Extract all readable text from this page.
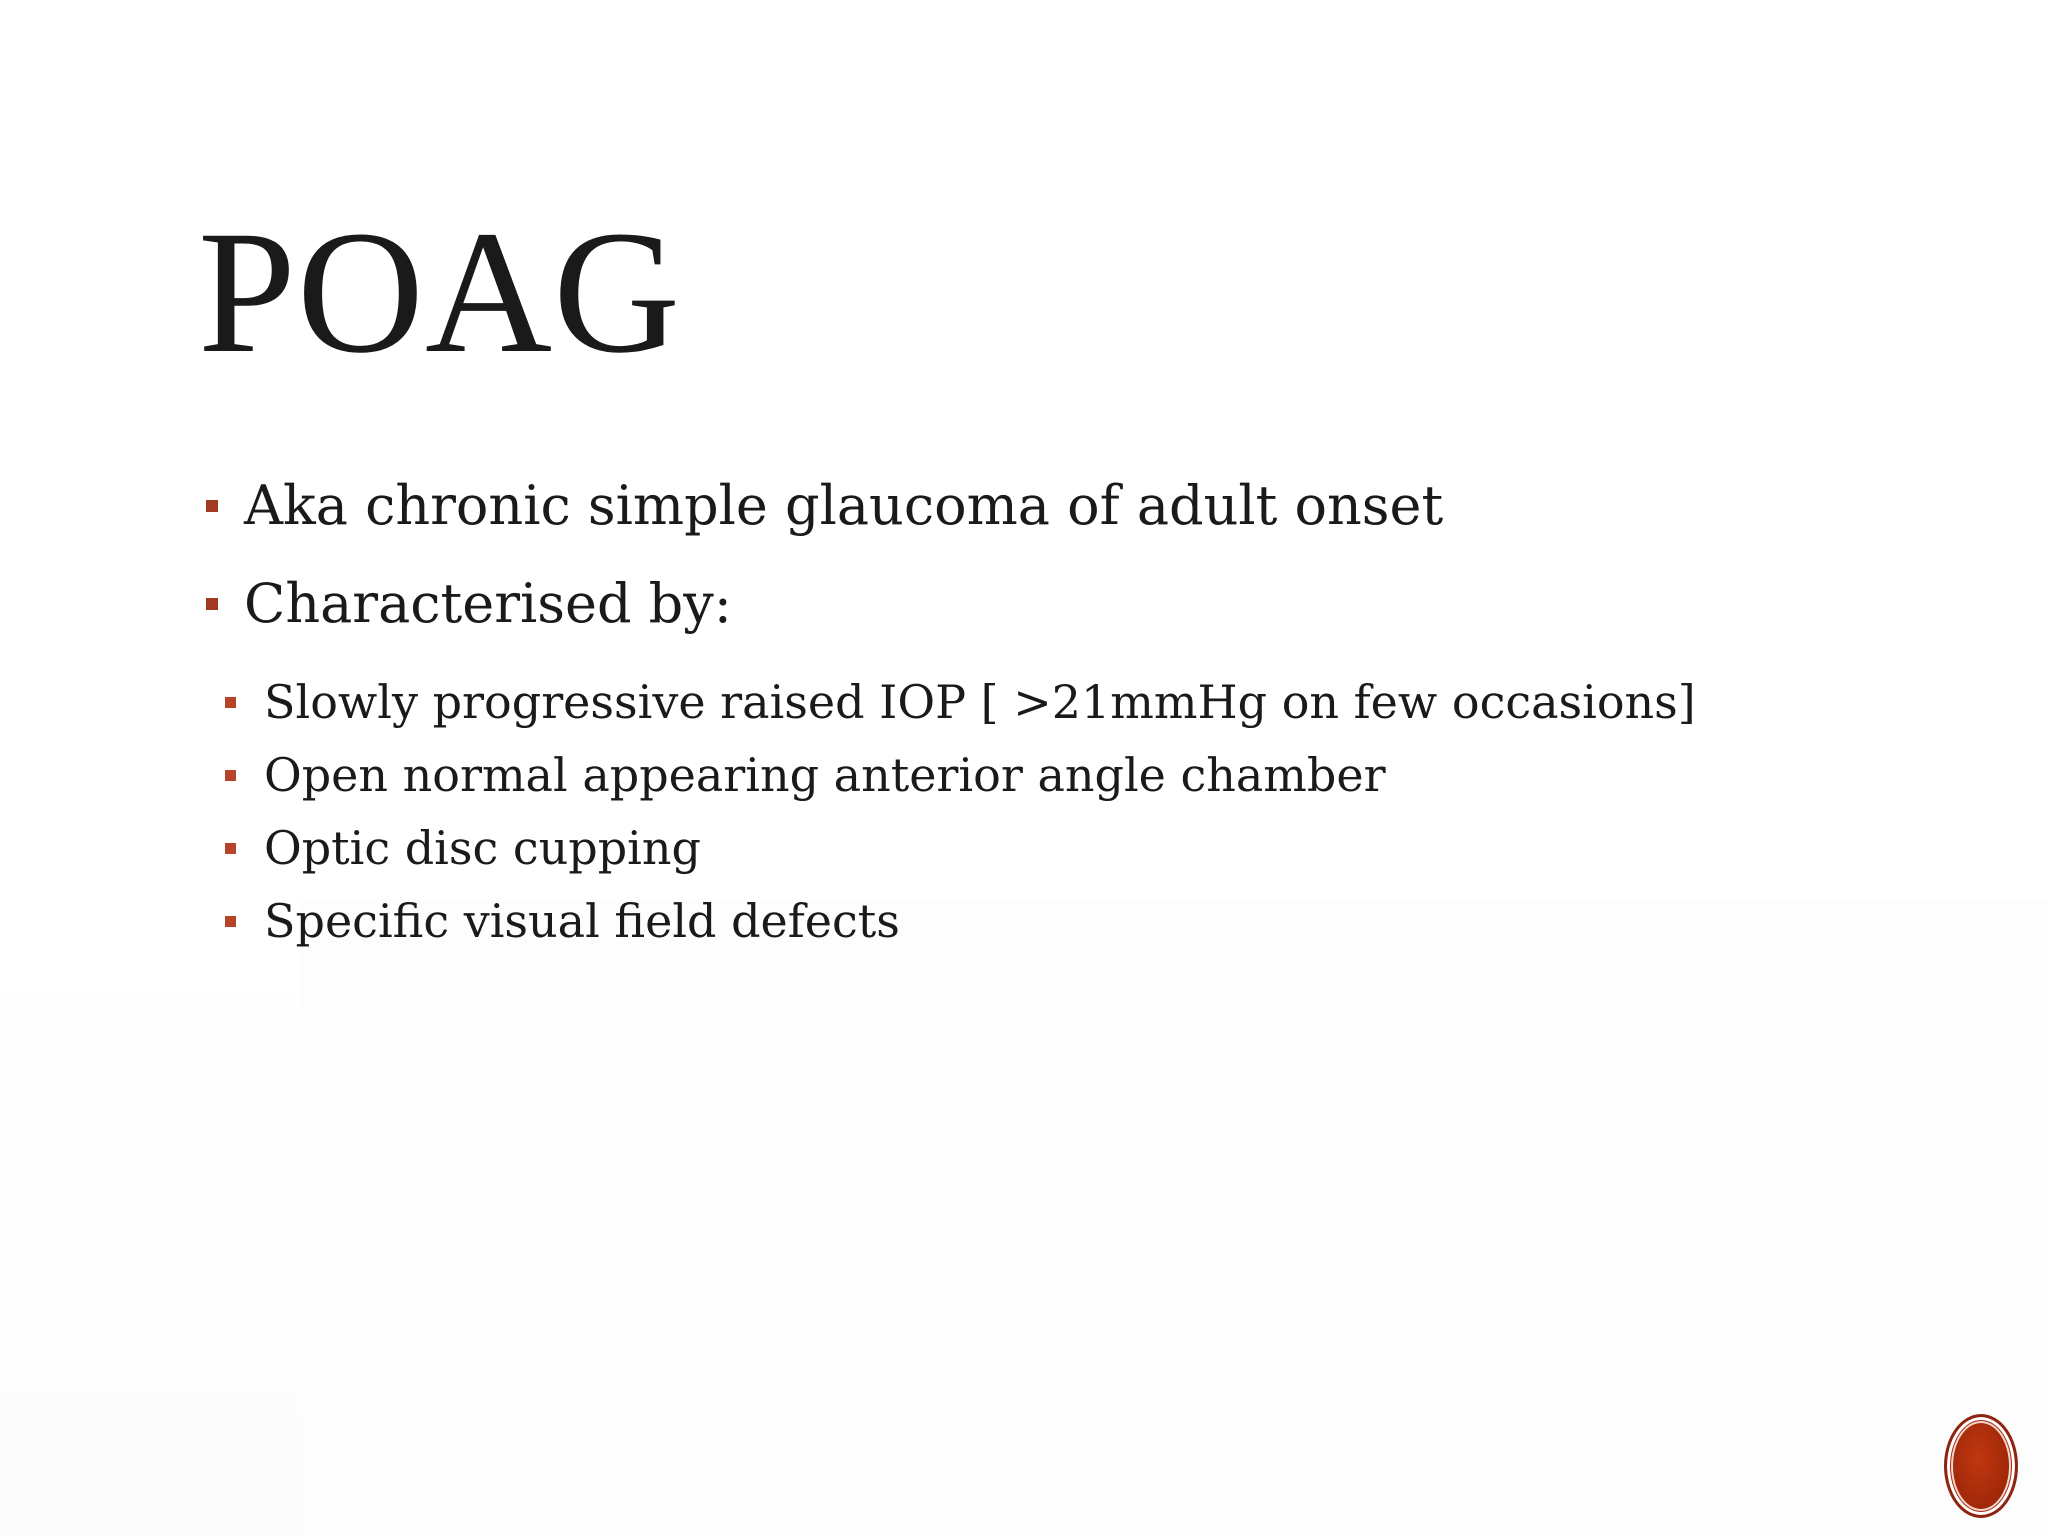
POAG
Aka chronic simple glaucoma of adult onset
Characterised by:
Slowly progressive raised IOP [ >21mmHg on few occasions]
Open normal appearing anterior angle chamber
Optic disc cupping
Specific visual field defects
